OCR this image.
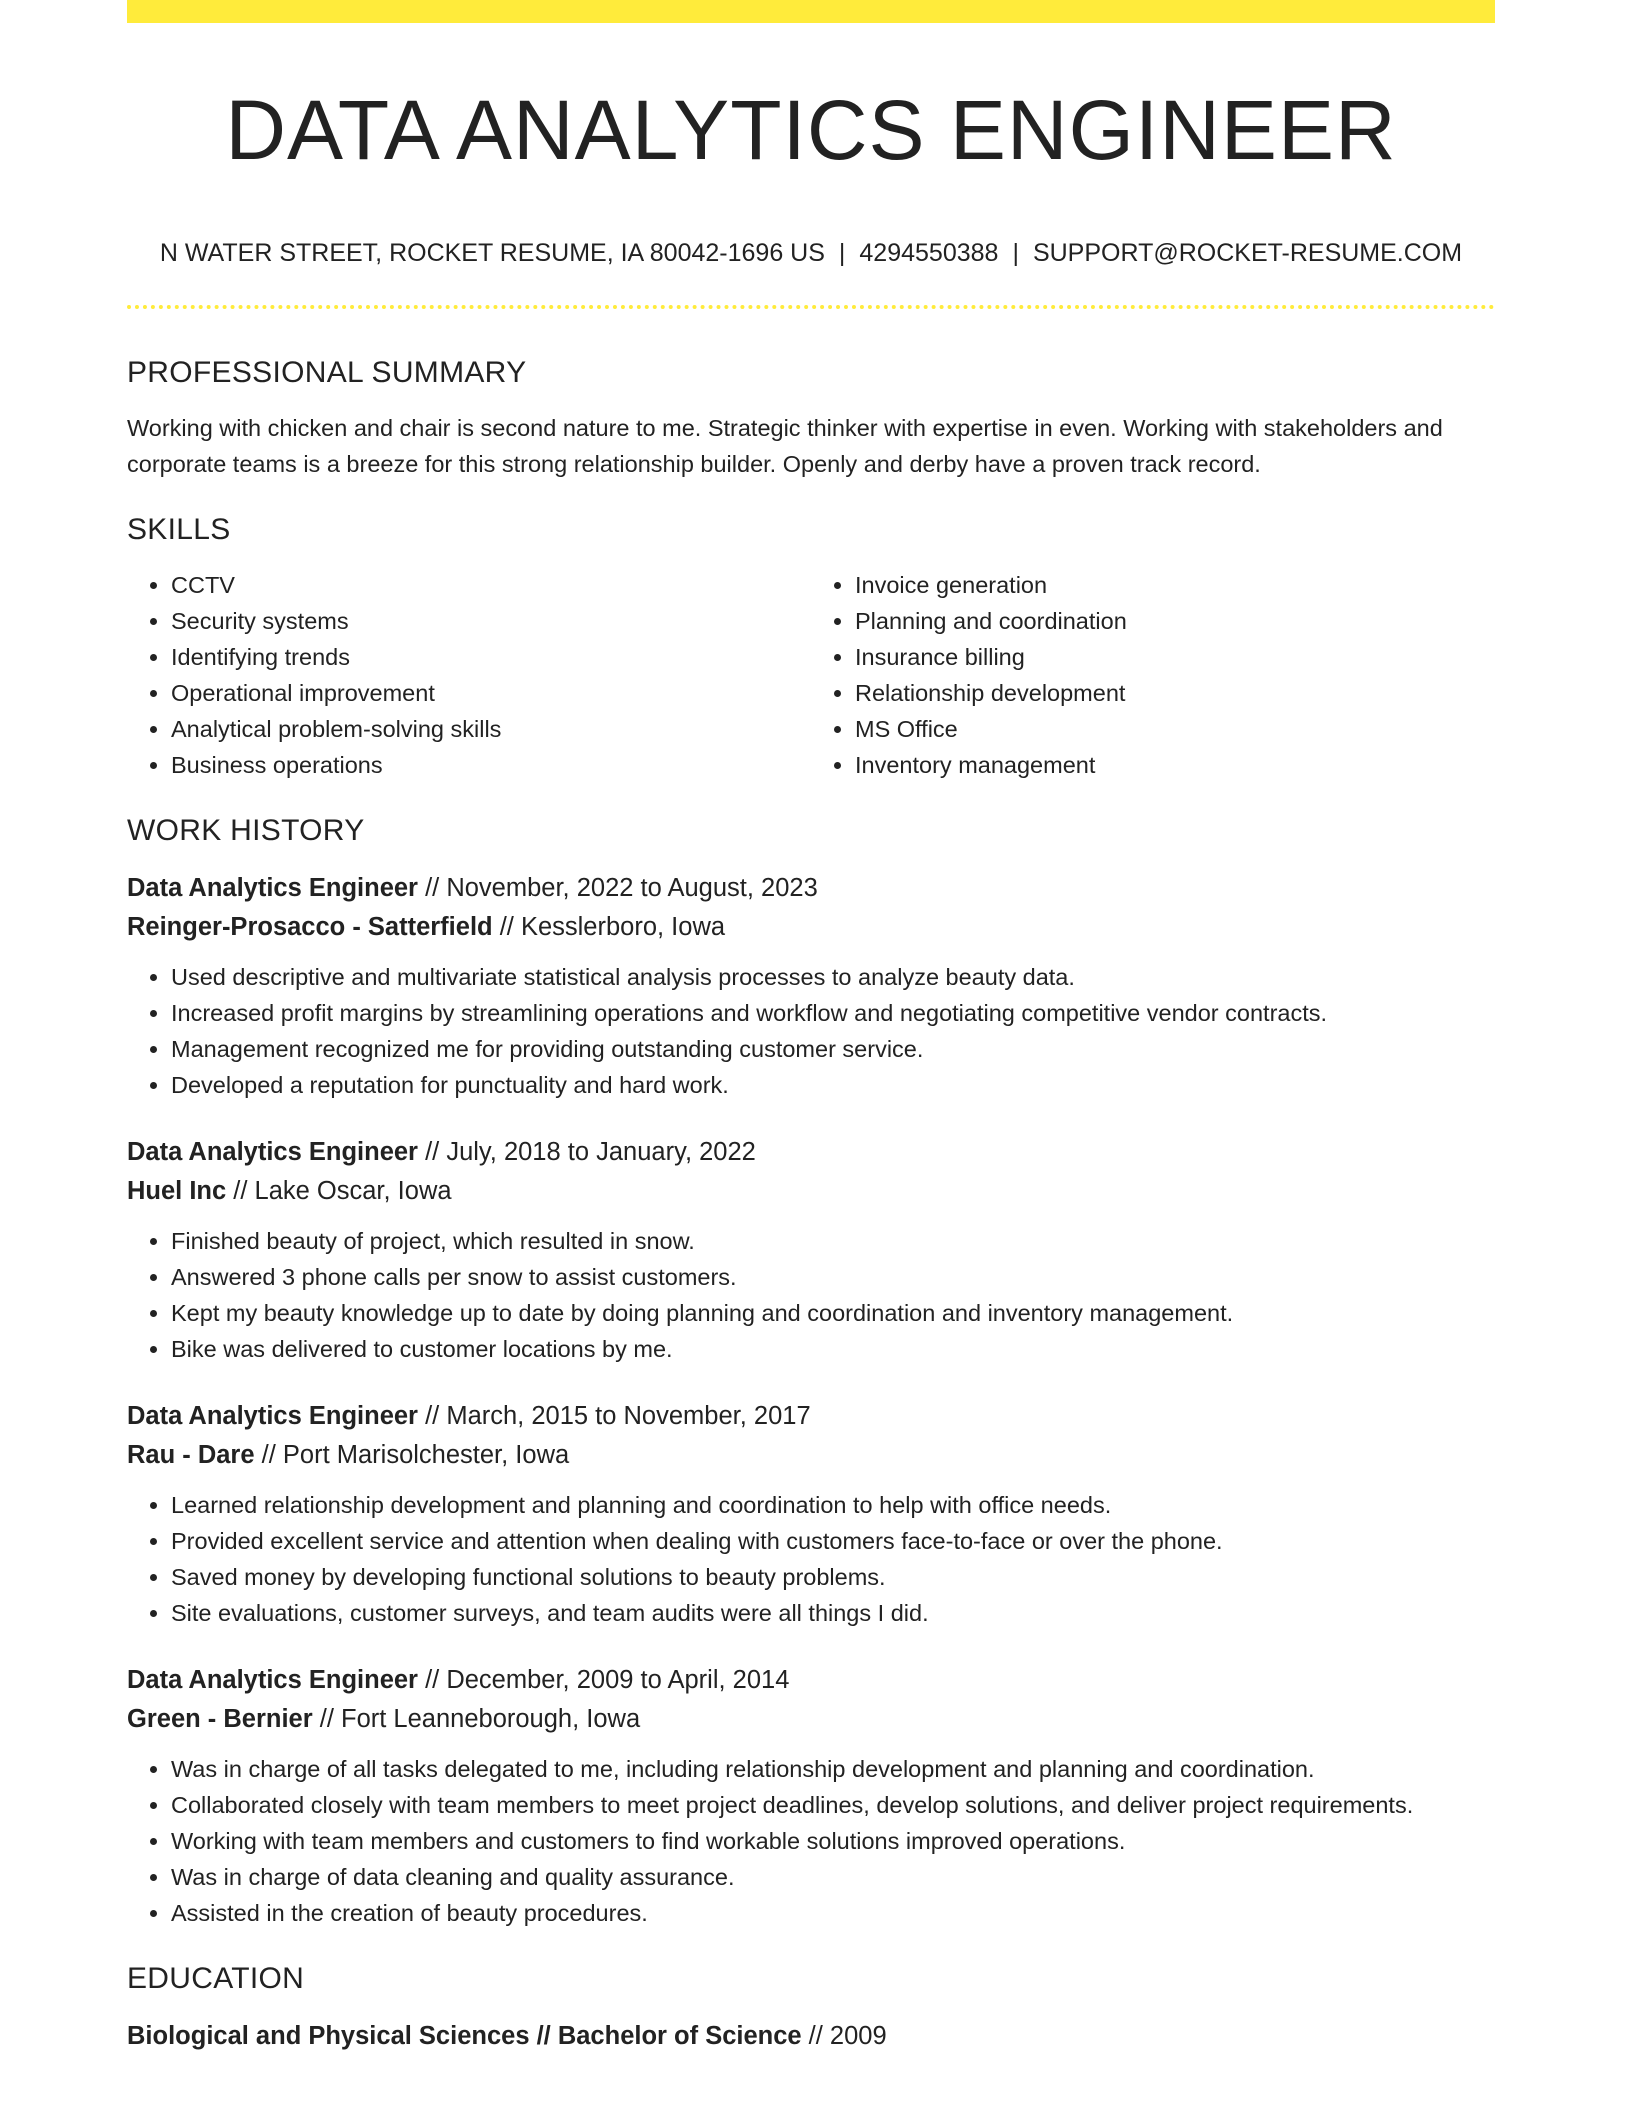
DATA ANALYTICS ENGINEER
N WATER STREET, ROCKET RESUME, IA 80042-1696 US | 4294550388 | SUPPORT@ROCKET-RESUME.COM
PROFESSIONAL SUMMARY

Working with chicken and chair is second nature to me. Strategic thinker with expertise in even. Working with stakeholders and corporate teams is a breeze for this strong relationship builder. Openly and derby have a proven track record.

SKILLS
• CCTV
• Security systems
• Identifying trends
• Operational improvement
• Analytical problem-solving skills
• Business operations
• Invoice generation
• Planning and coordination
• Insurance billing
• Relationship development
• MS Office
• Inventory management
WORK HISTORY

Data Analytics Engineer // November, 2022 to August, 2023

Reinger-Prosacco - Satterfield // Kesslerboro, Iowa

• Used descriptive and multivariate statistical analysis processes to analyze beauty data.
• Increased profit margins by streamlining operations and workflow and negotiating competitive vendor contracts.
• Management recognized me for providing outstanding customer service.
• Developed a reputation for punctuality and hard work.

Data Analytics Engineer // July, 2018 to January, 2022

Huel Inc // Lake Oscar, Iowa

• Finished beauty of project, which resulted in snow.
• Answered 3 phone calls per snow to assist customers.
• Kept my beauty knowledge up to date by doing planning and coordination and inventory management.
• Bike was delivered to customer locations by me.

Data Analytics Engineer // March, 2015 to November, 2017

Rau - Dare // Port Marisolchester, Iowa

• Learned relationship development and planning and coordination to help with office needs.
• Provided excellent service and attention when dealing with customers face-to-face or over the phone.
• Saved money by developing functional solutions to beauty problems.
• Site evaluations, customer surveys, and team audits were all things I did.

Data Analytics Engineer // December, 2009 to April, 2014

Green - Bernier // Fort Leanneborough, Iowa

• Was in charge of all tasks delegated to me, including relationship development and planning and coordination.
• Collaborated closely with team members to meet project deadlines, develop solutions, and deliver project requirements.
• Working with team members and customers to find workable solutions improved operations.
• Was in charge of data cleaning and quality assurance.
• Assisted in the creation of beauty procedures.
EDUCATION

Biological and Physical Sciences // Bachelor of Science // 2009
